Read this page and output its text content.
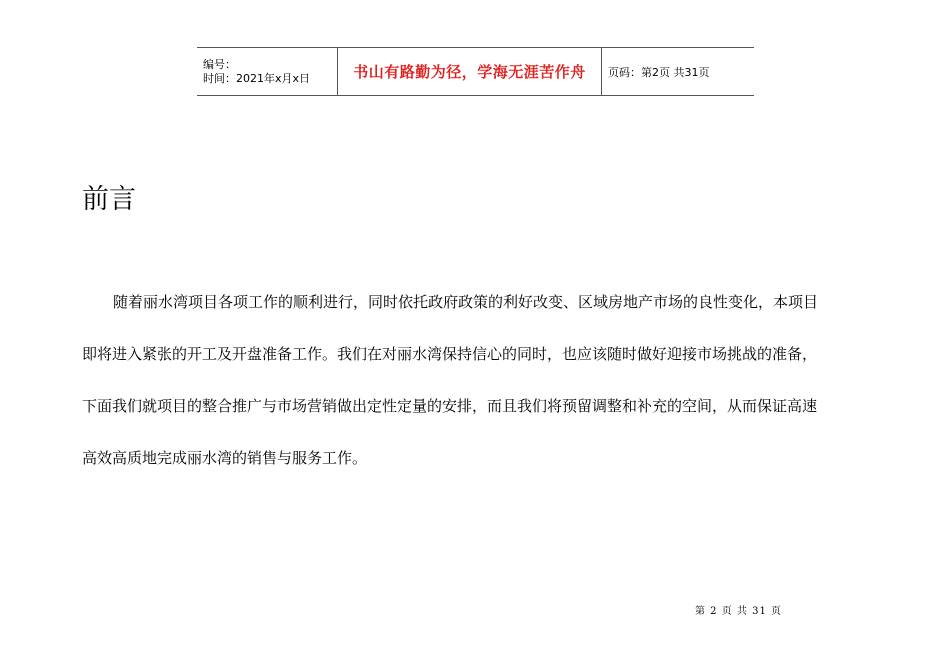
编号：
时间：2021年x月x日	书山有路勤为径，学海无涯苦作舟 页码：第2页 共31页
前言

随着丽水湾项目各项工作的顺利进行，同时依托政府政策的利好改变、区域房地产市场的良性变化，本项目
即将进入紧张的开工及开盘准备工作。我们在对丽水湾保持信心的同时，也应该随时做好迎接市场挑战的准备，
下面我们就项目的整合推广与市场营销做出定性定量的安排，而且我们将预留调整和补充的空间，从而保证高速
高效高质地完成丽水湾的销售与服务工作。

第 2 页 共 31 页
